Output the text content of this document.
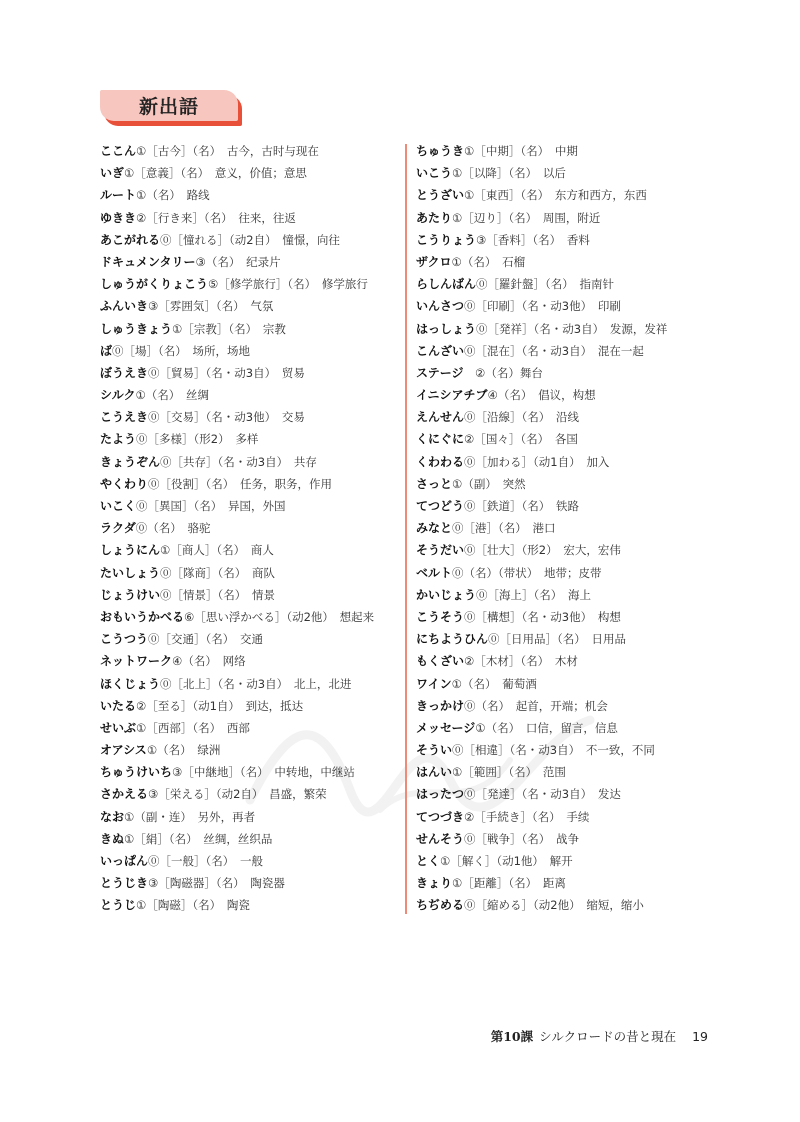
新出語
ここん①［古今］（名）　古今，古时与现在
いぎ①［意義］（名）　意义，价值；意思
ルート①（名）　路线
ゆきき②［行き来］（名）　往来，往返
あこがれる⓪［憧れる］（动2自）　憧憬，向往
ドキュメンタリー③（名）　纪录片
しゅうがくりょこう⑤［修学旅行］（名）　修学旅行
ふんいき③［雰囲気］（名）　气氛
しゅうきょう①［宗教］（名）　宗教
ば⓪［場］（名）　场所，场地
ぼうえき⓪［貿易］（名・动3自）　贸易
シルク①（名）　丝绸
こうえき⓪［交易］（名・动3他）　交易
たよう⓪［多様］（形2）　多样
きょうぞん⓪［共存］（名・动3自）　共存
やくわり⓪［役割］（名）　任务，职务，作用
いこく⓪［異国］（名）　异国，外国
ラクダ⓪（名）　骆驼
しょうにん①［商人］（名）　商人
たいしょう⓪［隊商］（名）　商队
じょうけい⓪［情景］（名）　情景
おもいうかべる⑥［思い浮かべる］（动2他）　想起来
こうつう⓪［交通］（名）　交通
ネットワーク④（名）　网络
ほくじょう⓪［北上］（名・动3自）　北上，北进
いたる②［至る］（动1自）　到达，抵达
せいぶ①［西部］（名）　西部
オアシス①（名）　绿洲
ちゅうけいち③［中継地］（名）　中转地，中继站
さかえる③［栄える］（动2自）　昌盛，繁荣
なお①（副・连）　另外，再者
きぬ①［絹］（名）　丝绸，丝织品
いっぱん⓪［一般］（名）　一般
とうじき③［陶磁器］（名）　陶瓷器
とうじ①［陶磁］（名）　陶瓷
ちゅうき①［中期］（名）　中期
いこう①［以降］（名）　以后
とうざい①［東西］（名）　东方和西方，东西
あたり①［辺り］（名）　周围，附近
こうりょう③［香料］（名）　香料
ザクロ①（名）　石榴
らしんばん⓪［羅針盤］（名）　指南针
いんさつ⓪［印刷］（名・动3他）　印刷
はっしょう⓪［発祥］（名・动3自）　发源，发祥
こんざい⓪［混在］（名・动3自）　混在一起
ステージ　②（名）舞台
イニシアチブ④（名）　倡议，构想
えんせん⓪［沿線］（名）　沿线
くにぐに②［国々］（名）　各国
くわわる⓪［加わる］（动1自）　加入
さっと①（副）　突然
てつどう⓪［鉄道］（名）　铁路
みなと⓪［港］（名）　港口
そうだい⓪［壮大］（形2）　宏大，宏伟
ベルト⓪（名）（带状）　地带；皮带
かいじょう⓪［海上］（名）　海上
こうそう⓪［構想］（名・动3他）　构想
にちようひん⓪［日用品］（名）　日用品
もくざい②［木材］（名）　木材
ワイン①（名）　葡萄酒
きっかけ⓪（名）　起首，开端；机会
メッセージ①（名）　口信，留言，信息
そうい⓪［相違］（名・动3自）　不一致，不同
はんい①［範囲］（名）　范围
はったつ⓪［発達］（名・动3自）　发达
てつづき②［手続き］（名）　手续
せんそう⓪［戦争］（名）　战争
とく①［解く］（动1他）　解开
きょり①［距離］（名）　距离
ちぢめる⓪［縮める］（动2他）　缩短，缩小
第10課 シルクロードの昔と現在 19
